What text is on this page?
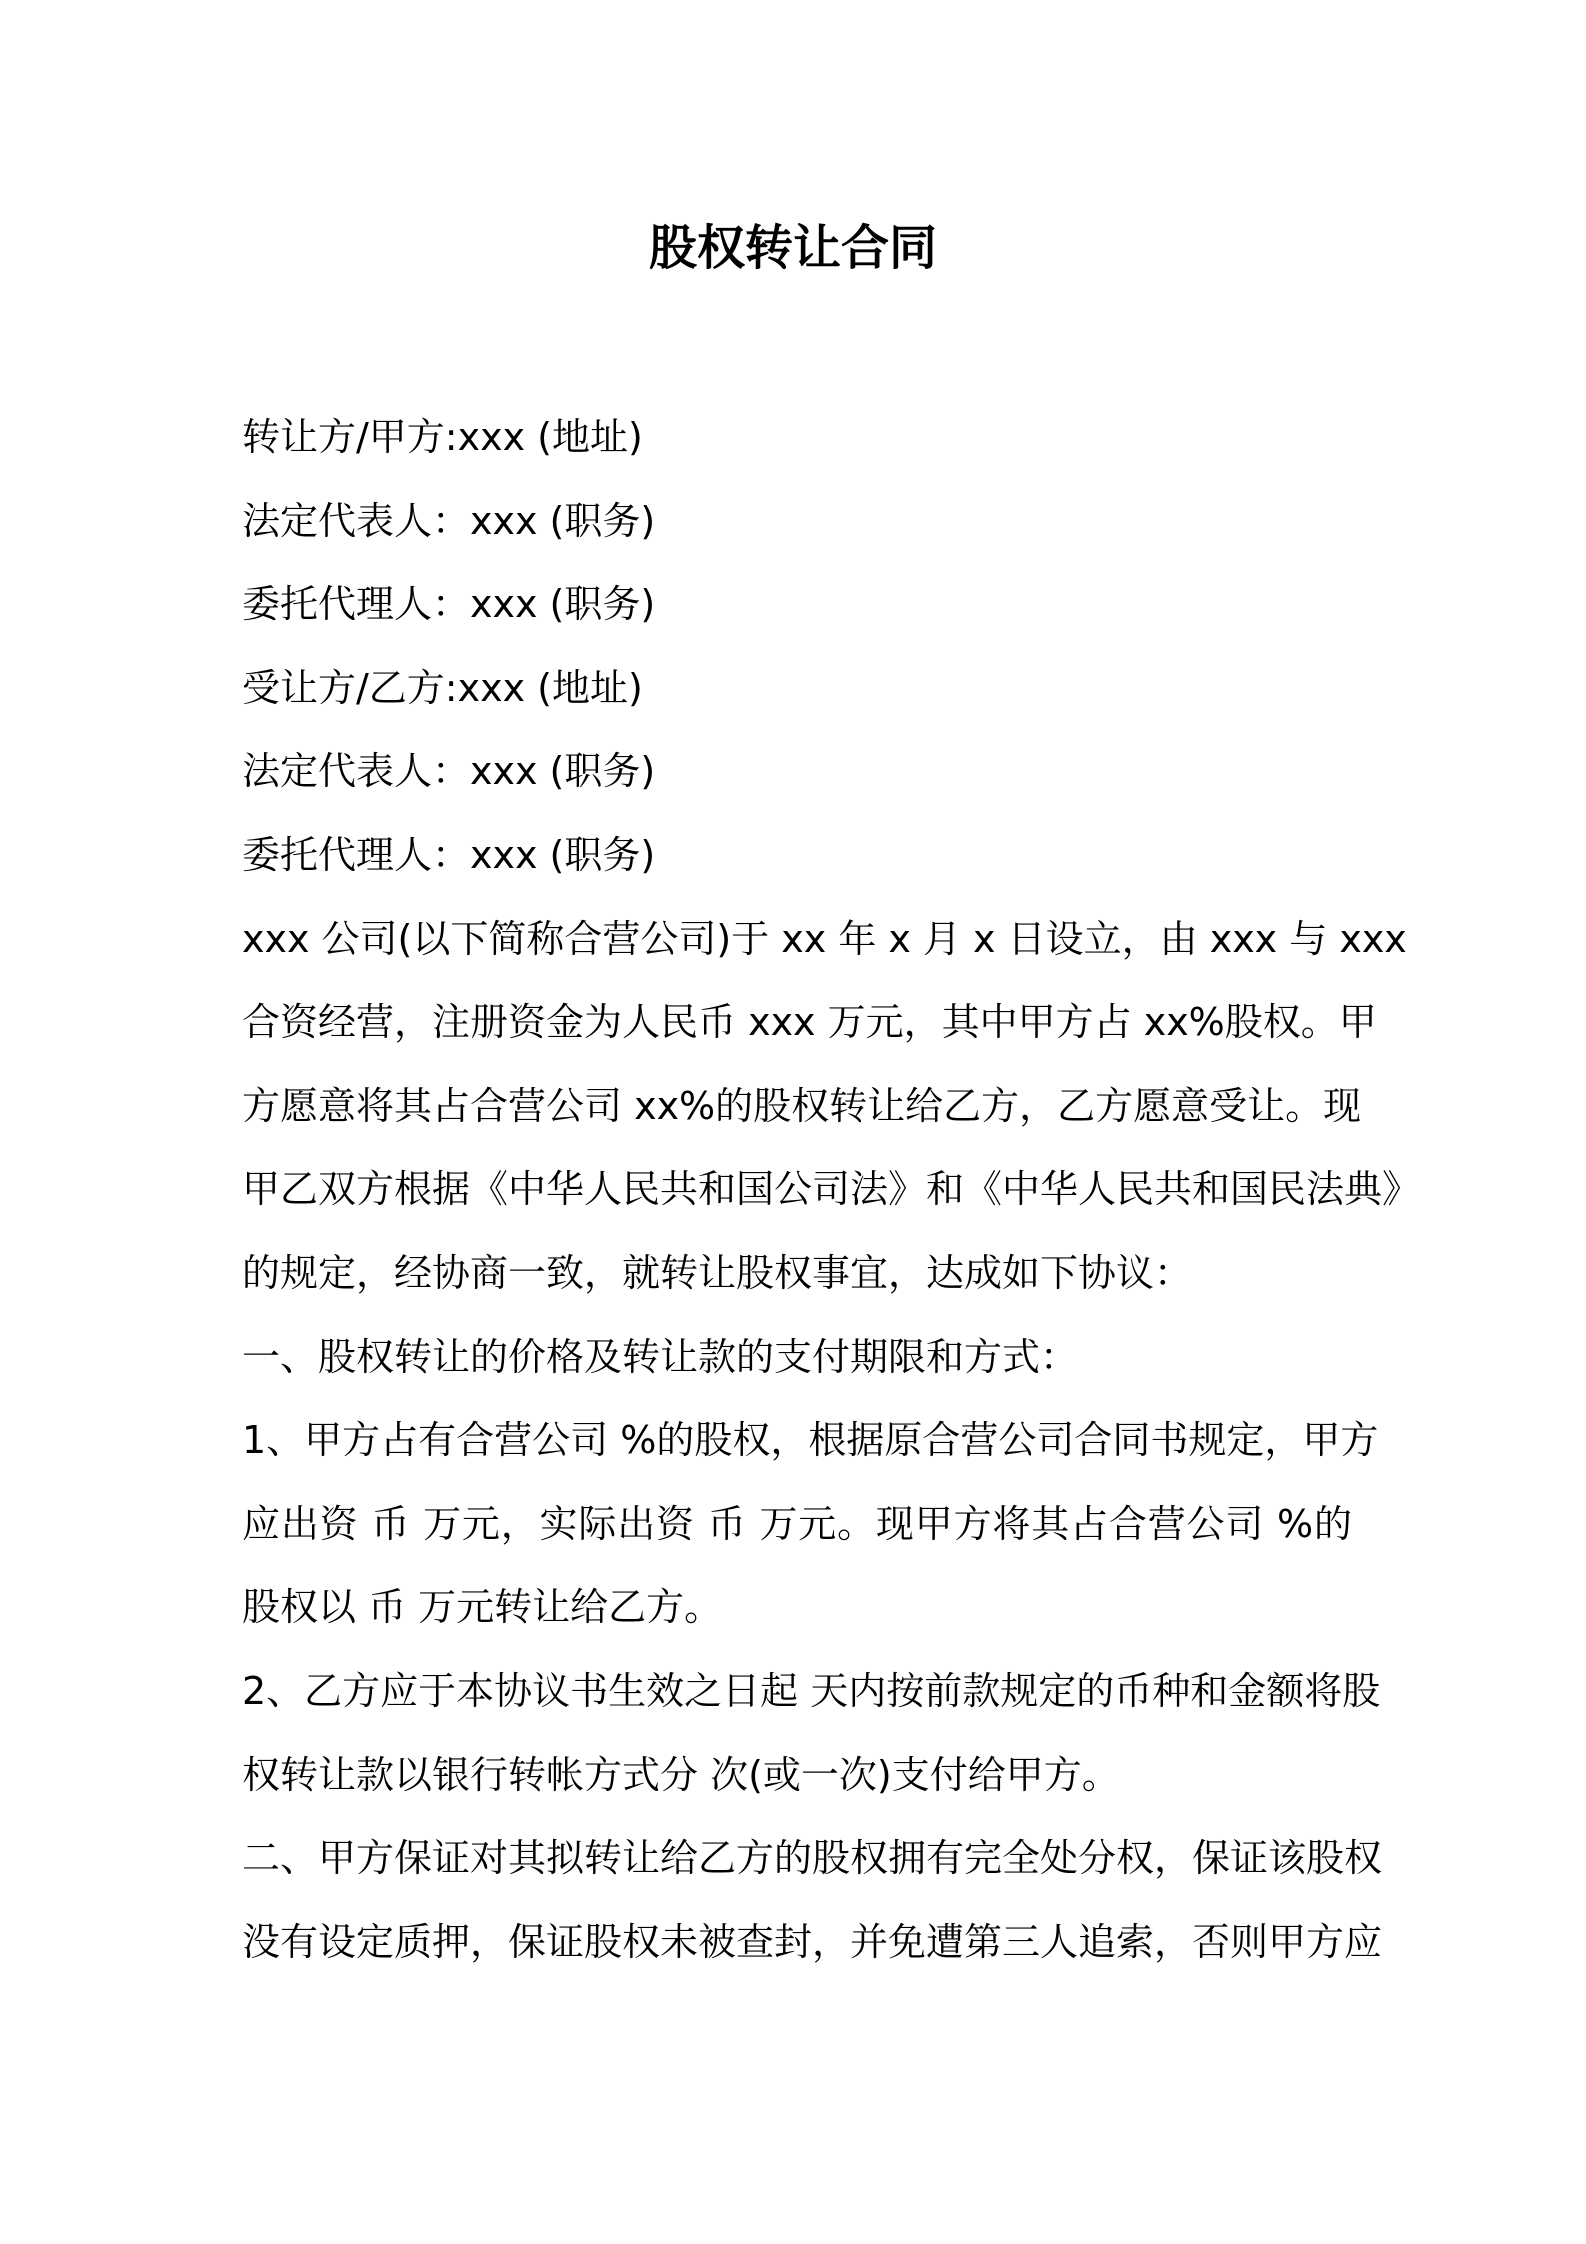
股权转让合同
转让方/甲方:xxx (地址)
法定代表人：xxx (职务)
委托代理人：xxx (职务)
受让方/乙方:xxx (地址)
法定代表人：xxx (职务)
委托代理人：xxx (职务)
xxx 公司(以下简称合营公司)于 xx 年 x 月 x 日设立，由 xxx 与 xxx
合资经营，注册资金为人民币 xxx 万元，其中甲方占 xx%股权。甲
方愿意将其占合营公司 xx%的股权转让给乙方，乙方愿意受让。现
甲乙双方根据《中华人民共和国公司法》和《中华人民共和国民法典》
的规定，经协商一致，就转让股权事宜，达成如下协议：
一、股权转让的价格及转让款的支付期限和方式：
1、甲方占有合营公司 %的股权，根据原合营公司合同书规定，甲方
应出资 币 万元，实际出资 币 万元。现甲方将其占合营公司 %的
股权以 币 万元转让给乙方。
2、乙方应于本协议书生效之日起 天内按前款规定的币种和金额将股
权转让款以银行转帐方式分 次(或一次)支付给甲方。
二、甲方保证对其拟转让给乙方的股权拥有完全处分权，保证该股权
没有设定质押，保证股权未被查封，并免遭第三人追索，否则甲方应
